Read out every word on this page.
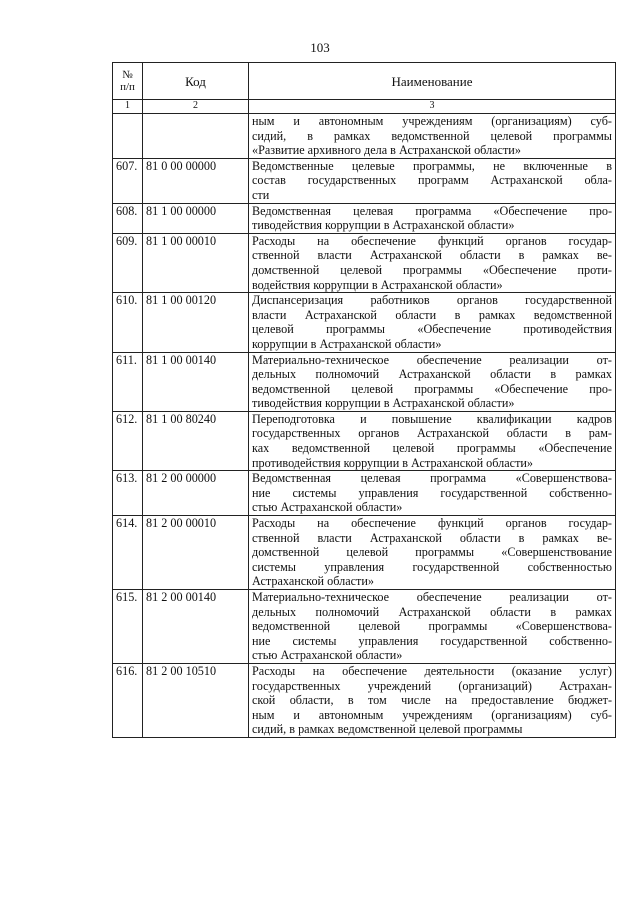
103
№
п/п	Код	Наименование
1	2	3

		ным и автономным учреждениям (организациям) суб-
сидий, в рамках ведомственной целевой программы
«Развитие архивного дела в Астраханской области»

607.	81 0 00 00000	Ведомственные целевые программы, не включенные в
состав государственных программ Астраханской обла-
сти

608.	81 1 00 00000	Ведомственная целевая программа «Обеспечение про-
тиводействия коррупции в Астраханской области»

609.	81 1 00 00010	Расходы на обеспечение функций органов государ-
ственной власти Астраханской области в рамках ве-
домственной целевой программы «Обеспечение проти-
водействия коррупции в Астраханской области»

610.	81 1 00 00120	Диспансеризация работников органов государственной
власти Астраханской области в рамках ведомственной
целевой программы «Обеспечение противодействия
коррупции в Астраханской области»

611.	81 1 00 00140	Материально-техническое обеспечение реализации от-
дельных полномочий Астраханской области в рамках
ведомственной целевой программы «Обеспечение про-
тиводействия коррупции в Астраханской области»

612.	81 1 00 80240	Переподготовка и повышение квалификации кадров
государственных органов Астраханской области в рам-
ках ведомственной целевой программы «Обеспечение
противодействия коррупции в Астраханской области»

613.	81 2 00 00000	Ведомственная целевая программа «Совершенствова-
ние системы управления государственной собственно-
стью Астраханской области»

614.	81 2 00 00010	Расходы на обеспечение функций органов государ-
ственной власти Астраханской области в рамках ве-
домственной целевой программы «Совершенствование
системы управления государственной собственностью
Астраханской области»

615.	81 2 00 00140	Материально-техническое обеспечение реализации от-
дельных полномочий Астраханской области в рамках
ведомственной целевой программы «Совершенствова-
ние системы управления государственной собственно-
стью Астраханской области»

616.	81 2 00 10510	Расходы на обеспечение деятельности (оказание услуг)
государственных учреждений (организаций) Астрахан-
ской области, в том числе на предоставление бюджет-
ным и автономным учреждениям (организациям) суб-
сидий, в рамках ведомственной целевой программы
